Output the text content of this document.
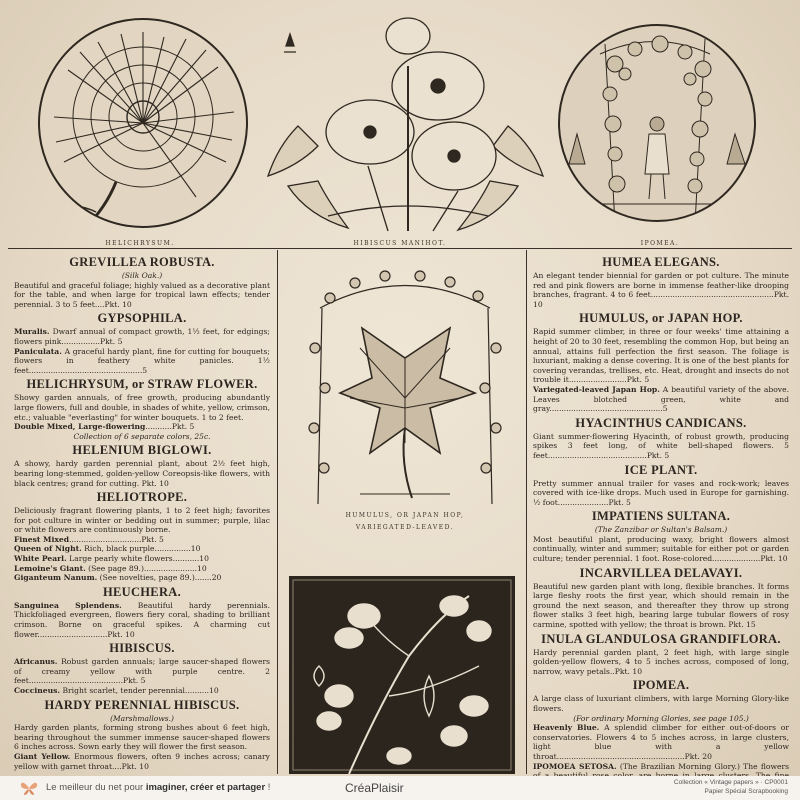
HELICHRYSUM.	HIBISCUS MANIHOT.	IPOMEA.
HUMULUS, OR JAPAN HOP,
VARIEGATED-LEAVED.
GREVILLEA ROBUSTA.
(Silk Oak.)

Beautiful and graceful foliage; highly valued as a decorative plant for the table, and when large for tropical lawn effects; tender perennial. 3 to 5 feet....Pkt. 10

GYPSOPHILA.

Muralis. Dwarf annual of compact growth, 1½ feet, for edgings; flowers pink................Pkt. 5

Paniculata. A graceful hardy plant, fine for cutting for bouquets; flowers in feathery white panicles. 1½ feet...............................................5

HELICHRYSUM, or STRAW FLOWER.

Showy garden annuals, of free growth, producing abundantly large flowers, full and double, in shades of white, yellow, crimson, etc.; valuable "everlasting" for winter bouquets. 1 to 2 feet.

Double Mixed, Large-flowering...........Pkt. 5

Collection of 6 separate colors, 25c.
HELENIUM BIGLOWI.

A showy, hardy garden perennial plant, about 2½ feet high, bearing long-stemmed, golden-yellow Coreopsis-like flowers, with black centres; grand for cutting. Pkt. 10

HELIOTROPE.

Deliciously fragrant flowering plants, 1 to 2 feet high; favorites for pot culture in winter or bedding out in summer; purple, lilac or white flowers are continuously borne.

Finest Mixed..............................Pkt. 5

Queen of Night. Rich, black purple...............10

White Pearl. Large pearly white flowers...........10

Lemoine's Giant. (See page 89.)......................10

Giganteum Nanum. (See novelties, page 89.).......20

HEUCHERA.

Sanguinea Splendens. Beautiful hardy perennials. Thickfoliaged evergreen, flowers fiery coral, shading to brilliant crimson. Borne on graceful spikes. A charming cut flower.............................Pkt. 10

HIBISCUS.

Africanus. Robust garden annuals; large saucer-shaped flowers of creamy yellow with purple centre. 2 feet.......................................Pkt. 5

Coccineus. Bright scarlet, tender perennial..........10

HARDY PERENNIAL HIBISCUS.
(Marshmallows.)

Hardy garden plants, forming strong bushes about 6 feet high, bearing throughout the summer immense saucer-shaped flowers 6 inches across. Sown early they will flower the first season.

Giant Yellow. Enormous flowers, often 9 inches across; canary yellow with garnet throat....Pkt. 10

HUMEA ELEGANS.

An elegant tender biennial for garden or pot culture. The minute red and pink flowers are borne in immense feather-like drooping branches, fragrant. 4 to 6 feet...................................................Pkt. 10

HUMULUS, or JAPAN HOP.

Rapid summer climber, in three or four weeks' time attaining a height of 20 to 30 feet, resembling the common Hop, but being an annual, attains full perfection the first season. The foliage is luxuriant, making a dense covering. It is one of the best plants for covering verandas, trellises, etc. Heat, drought and insects do not trouble it........................Pkt. 5

Variegated-leaved Japan Hop. A beautiful variety of the above. Leaves blotched green, white and gray...............................................5

HYACINTHUS CANDICANS.

Giant summer-flowering Hyacinth, of robust growth, producing spikes 3 feet long, of white bell-shaped flowers. 5 feet.........................................Pkt. 5

ICE PLANT.

Pretty summer annual trailer for vases and rock-work; leaves covered with ice-like drops. Much used in Europe for garnishing. ½ foot.....................Pkt. 5

IMPATIENS SULTANA.
(The Zanzibar or Sultan's Balsam.)

Most beautiful plant, producing waxy, bright flowers almost continually, winter and summer; suitable for either pot or garden culture; tender perennial. 1 foot. Rose-colored....................Pkt. 10

INCARVILLEA DELAVAYI.

Beautiful new garden plant with long, flexible branches. It forms large fleshy roots the first year, which should remain in the ground the next season, and thereafter they throw up strong flower stalks 3 feet high, bearing large tubular flowers of rosy carmine, spotted with yellow; the throat is brown. Pkt. 15

INULA GLANDULOSA GRANDIFLORA.

Hardy perennial garden plant, 2 feet high, with large single golden-yellow flowers, 4 to 5 inches across, composed of long, narrow, wavy petals..Pkt. 10

IPOMEA.

A large class of luxuriant climbers, with large Morning Glory-like flowers.

(For ordinary Morning Glories, see page 105.)

Heavenly Blue. A splendid climber for either out-of-doors or conservatories. Flowers 4 to 5 inches across, in large clusters, light blue with a yellow throat.....................................................Pkt. 20

IPOMOEA SETOSA. (The Brazilian Morning Glory.) The flowers

Le meilleur du net pour imaginer, créer et partager !	CréaPlaisir	Collection « Vintage papers » · CP0001
Papier Spécial Scrapbooking
